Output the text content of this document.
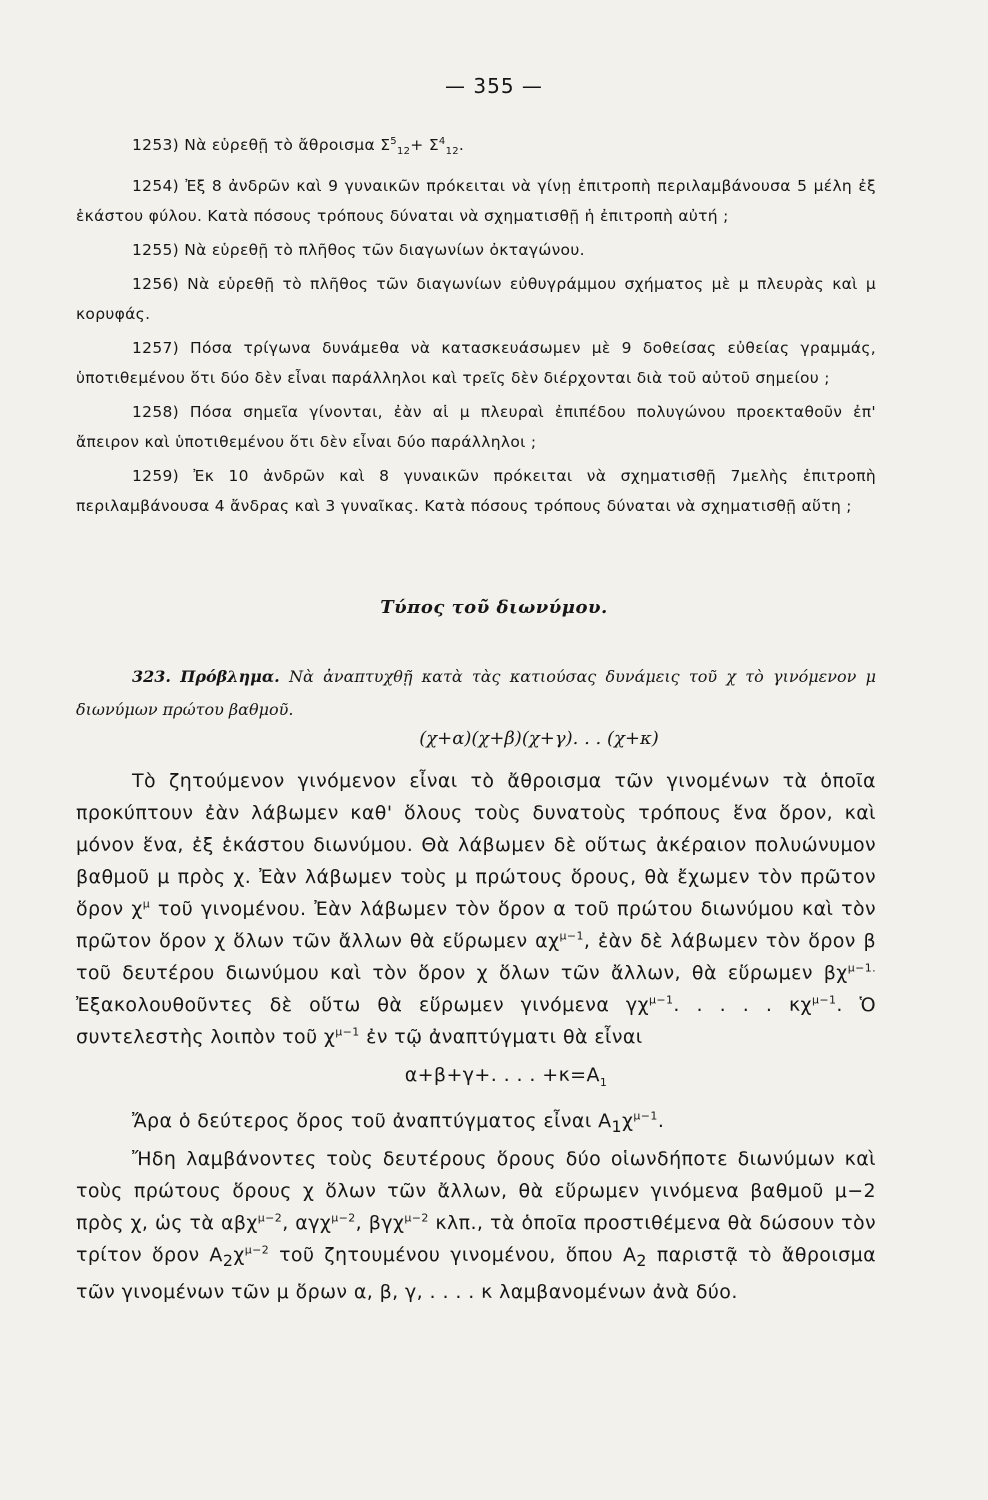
— 355 —

1253) Νὰ εὑρεθῇ τὸ ἄθροισμα $\Sigma^5_{12}+ \Sigma^4_{12}$.

1254) Ἐξ 8 ἀνδρῶν καὶ 9 γυναικῶν πρόκειται νὰ γίνῃ ἐπιτροπὴ περιλαμβάνουσα 5 μέλη ἐξ ἑκάστου φύλου. Κατὰ πόσους τρόπους δύναται νὰ σχηματισθῇ ἡ ἐπιτροπὴ αὐτή ;

1255) Νὰ εὑρεθῇ τὸ πλῆθος τῶν διαγωνίων ὀκταγώνου.

1256) Νὰ εὑρεθῇ τὸ πλῆθος τῶν διαγωνίων εὐθυγράμμου σχήματος μὲ μ πλευρὰς καὶ μ κορυφάς.

1257) Πόσα τρίγωνα δυνάμεθα νὰ κατασκευάσωμεν μὲ 9 δοθείσας εὐθείας γραμμάς, ὑποτιθεμένου ὅτι δύο δὲν εἶναι παράλληλοι καὶ τρεῖς δὲν διέρχονται διὰ τοῦ αὐτοῦ σημείου ;

1258) Πόσα σημεῖα γίνονται, ἐὰν αἱ μ πλευραὶ ἐπιπέδου πολυγώνου προεκταθοῦν ἐπ' ἄπειρον καὶ ὑποτιθεμένου ὅτι δὲν εἶναι δύο παράλληλοι ;

1259) Ἐκ 10 ἀνδρῶν καὶ 8 γυναικῶν πρόκειται νὰ σχηματισθῇ 7μελὴς ἐπιτροπὴ περιλαμβάνουσα 4 ἄνδρας καὶ 3 γυναῖκας. Κατὰ πόσους τρόπους δύναται νὰ σχηματισθῇ αὕτη ;

Τύπος τοῦ διωνύμου.

323. Πρόβλημα. Νὰ ἀναπτυχθῇ κατὰ τὰς κατιούσας δυνάμεις τοῦ χ τὸ γινόμενον μ διωνύμων πρώτου βαθμοῦ.

(χ+α)(χ+β)(χ+γ). . . (χ+κ)

Τὸ ζητούμενον γινόμενον εἶναι τὸ ἄθροισμα τῶν γινομένων τὰ ὁποῖα προκύπτουν ἐὰν λάβωμεν καθ' ὅλους τοὺς δυνατοὺς τρόπους ἕνα ὅρον, καὶ μόνον ἕνα, ἐξ ἑκάστου διωνύμου. Θὰ λάβωμεν δὲ οὕτως ἀκέραιον πολυώνυμον βαθμοῦ μ πρὸς χ. Ἐὰν λάβωμεν τοὺς μ πρώτους ὅρους, θὰ ἔχωμεν τὸν πρῶτον ὅρον $\chi^\mu$ τοῦ γινομένου. Ἐὰν λάβωμεν τὸν ὅρον α τοῦ πρώτου διωνύμου καὶ τὸν πρῶτον ὅρον χ ὅλων τῶν ἄλλων θὰ εὕρωμεν $\alpha\chi^{\mu-1}$, ἐὰν δὲ λάβωμεν τὸν ὅρον β τοῦ δευτέρου διωνύμου καὶ τὸν ὅρον χ ὅλων τῶν ἄλλων, θὰ εὕρωμεν $\beta\chi^{\mu-1.}$ Ἐξακολουθοῦντες δὲ οὕτω θὰ εὕρωμεν γινόμενα $\gamma\chi^{\mu-1}$. . . . . $\kappa\chi^{\mu-1}$. Ὁ συντελεστὴς λοιπὸν τοῦ $\chi^{\mu-1}$ ἐν τῷ ἀναπτύγματι θὰ εἶναι

α+β+γ+. . . . $+\kappa=A_1$

Ἄρα ὁ δεύτερος ὅρος τοῦ ἀναπτύγματος εἶναι $A_1\chi^{\mu-1}$.

Ἤδη λαμβάνοντες τοὺς δευτέρους ὅρους δύο οἱωνδήποτε διωνύμων καὶ τοὺς πρώτους ὅρους χ ὅλων τῶν ἄλλων, θὰ εὕρωμεν γινόμενα βαθμοῦ μ−2 πρὸς χ, ὡς τὰ αβχ$^{\mu-2}$, αγχ$^{\mu-2}$, βγχ$^{\mu-2}$ κλπ., τὰ ὁποῖα προστιθέμενα θὰ δώσουν τὸν τρίτον ὅρον $A_2\chi^{\mu-2}$ τοῦ ζητουμένου γινομένου, ὅπου $A_2$ παριστᾷ τὸ ἄθροισμα τῶν γινομένων τῶν μ ὅρων α, β, γ, . . . . κ λαμβανομένων ἀνὰ δύο.
